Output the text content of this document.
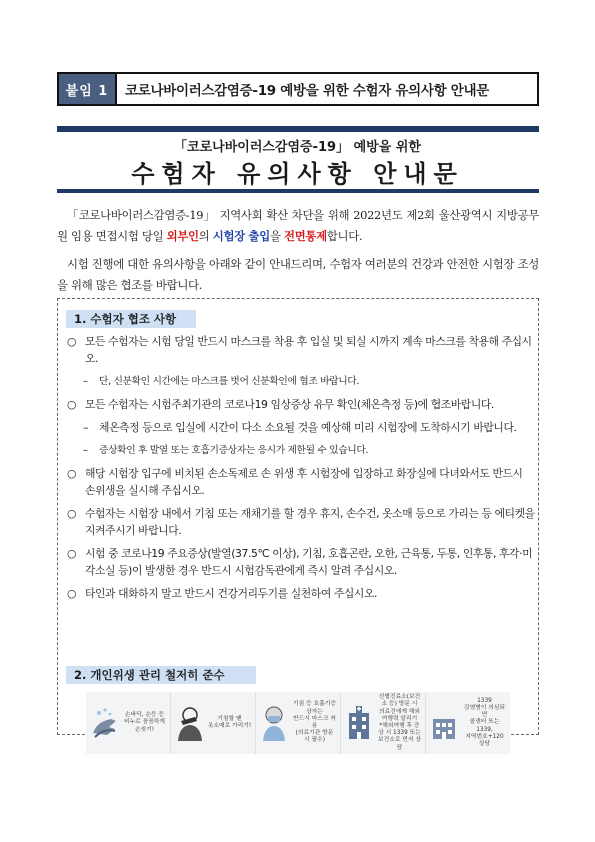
붙임 1	코로나바이러스감염증-19 예방을 위한 수험자 유의사항 안내문
「코로나바이러스감염증-19」 예방을 위한
수험자 유의사항 안내문
「코로나바이러스감염증-19」 지역사회 확산 차단을 위해 2022년도 제2회 울산광역시 지방공무원 임용 면접시험 당일 외부인의 시험장 출입을 전면통제합니다.
시험 진행에 대한 유의사항을 아래와 같이 안내드리며, 수험자 여러분의 건강과 안전한 시험장 조성을 위해 많은 협조를 바랍니다.
1. 수험자 협조 사항
○ 모든 수험자는 시험 당일 반드시 마스크를 착용 후 입실 및 퇴실 시까지 계속 마스크를 착용해 주십시오.
– 단, 신분확인 시간에는 마스크를 벗어 신분확인에 협조 바랍니다.
○ 모든 수험자는 시험주최기관의 코로나19 임상증상 유무 확인(체온측정 등)에 협조바랍니다.
– 체온측정 등으로 입실에 시간이 다소 소요될 것을 예상해 미리 시험장에 도착하시기 바랍니다.
– 증상확인 후 발열 또는 호흡기증상자는 응시가 제한될 수 있습니다.
○ 해당 시험장 입구에 비치된 손소독제로 손 위생 후 시험장에 입장하고 화장실에 다녀와서도 반드시 손위생을 실시해 주십시오.
○ 수험자는 시험장 내에서 기침 또는 재채기를 할 경우 휴지, 손수건, 옷소매 등으로 가리는 등 에티켓을 지켜주시기 바랍니다.
○ 시험 중 코로나19 주요증상(발열(37.5℃ 이상), 기침, 호흡곤란, 오한, 근육통, 두통, 인후통, 후각·미각소실 등)이 발생한 경우 반드시 시험감독관에게 즉시 알려 주십시오.
○ 타인과 대화하지 말고 반드시 건강거리두기를 실천하여 주십시오.
2. 개인위생 관리 철저히 준수
손바닥, 손등 등
비누로 꼼꼼하게 손씻기!
기침할 땐
옷소매로 가리기!
기침 등 호흡기증상자는
반드시 마스크 착용
(의료기관 방문 시 필수)
선별진료소(보건소 등) 방문 시
의료진에게 해외여행력 알리기
*해외여행 후 증상 시 1339 또는
보건소로 먼저 상담
1339
감염병이 의심되면
콜센터 또는 1339,
지역번호+120 상담
